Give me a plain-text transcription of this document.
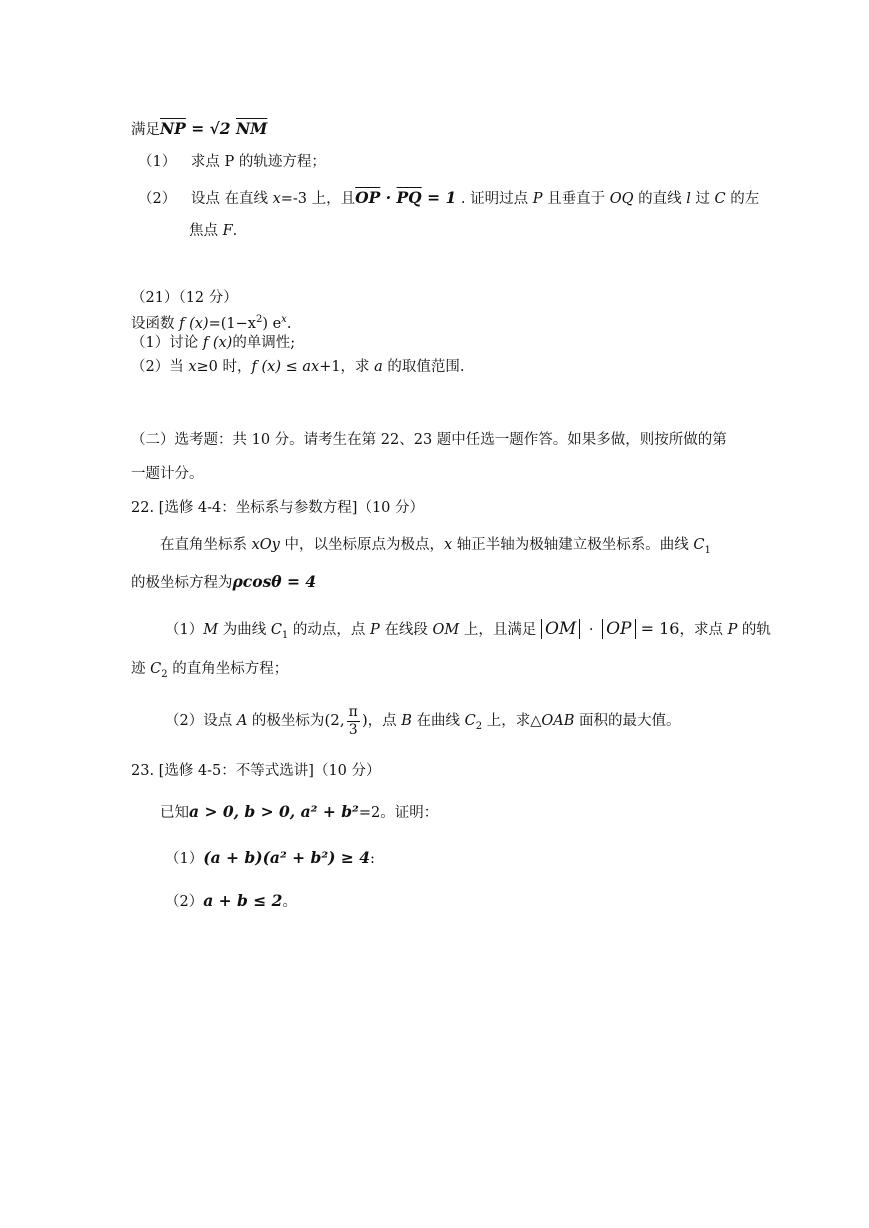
满足$\overline{NP} = √2$ $\overline{NM}$
（1） 求点 P 的轨迹方程；
（2） 设点 在直线 x=-3 上，且$\overline{OP} \cdot \overline{PQ} = 1$ . 证明过点 P 且垂直于 OQ 的直线 l 过 C 的左
焦点 F.
（21）（12 分）
设函数 f $(x)=(1-x^2)$ $e^x$.
（1）讨论 f (x)的单调性;
（2）当 x≥0 时，f (x) ≤ ax+1，求 a 的取值范围.
（二）选考题：共 10 分。请考生在第 22、23 题中任选一题作答。如果多做，则按所做的第
一题计分。
22. [选修 4-4：坐标系与参数方程]（10 分）
在直角坐标系 xOy 中，以坐标原点为极点，x 轴正半轴为极轴建立极坐标系。曲线 $C_1$
的极坐标方程为ρcosθ = 4
（1）M 为曲线 $C_1$ 的动点，点 P 在线段 OM 上，且满足 OM · OP = 16，求点 P 的轨
迹 $C_2$ 的直角坐标方程；
（2）设点 A 的极坐标为(2, $\frac{\pi}{3}$ )，点 B 在曲线 $C_2$ 上，求△OAB 面积的最大值。
23. [选修 4-5：不等式选讲]（10 分）
已知a > 0, b > 0, a² + b²=2。证明：
（1）(a + b)(a² + b²) ≥ 4:
（2）a + b ≤ 2。
